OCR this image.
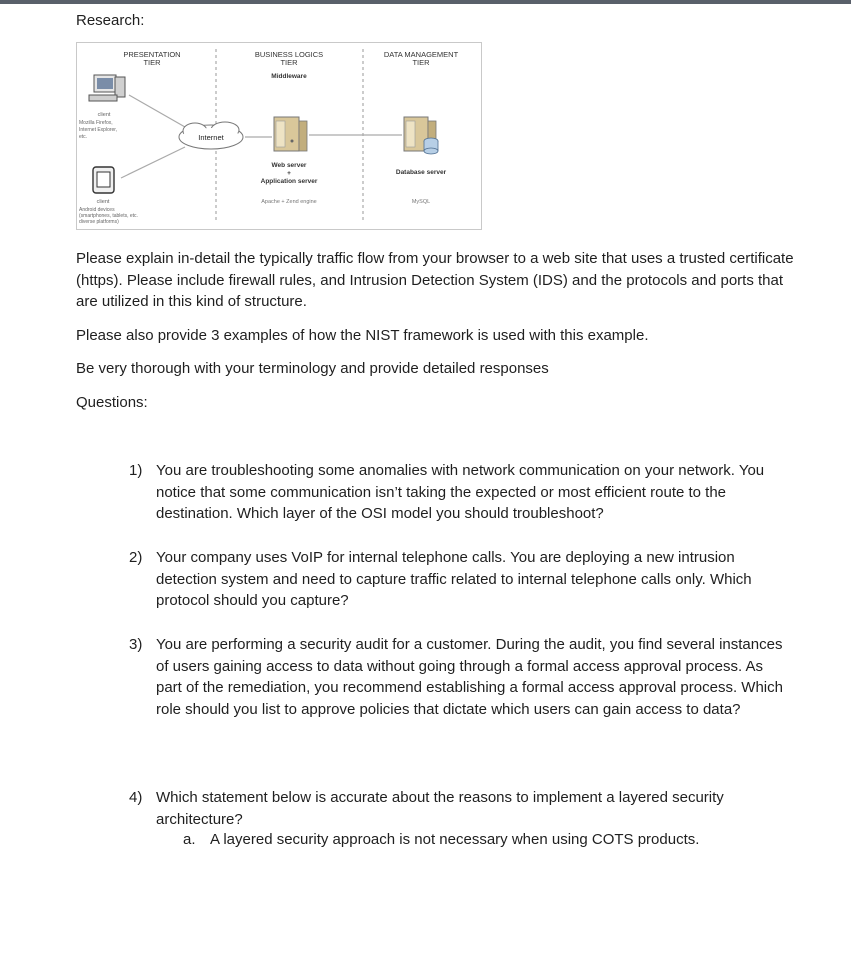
Research:
PRESENTATION
TIER
BUSINESS LOGICS
TIER
Middleware
DATA MANAGEMENT
TIER
client
Mozilla Firefox,
Internet Explorer,
etc.	Internet
client
Android devices
(smartphones, tablets, etc.
diverse platforms)
Web server
+
Application server
Apache + Zend engine
Database server
MySQL
Please explain in-detail the typically traffic flow from your browser to a web site that uses a trusted certificate (https). Please include firewall rules, and Intrusion Detection System (IDS) and the protocols and ports that are utilized in this kind of structure.
Please also provide 3 examples of how the NIST framework is used with this example.
Be very thorough with your terminology and provide detailed responses
Questions:
1) You are troubleshooting some anomalies with network communication on your network. You notice that some communication isn’t taking the expected or most efficient route to the destination. Which layer of the OSI model you should troubleshoot?
2) Your company uses VoIP for internal telephone calls. You are deploying a new intrusion detection system and need to capture traffic related to internal telephone calls only. Which protocol should you capture?
3) You are performing a security audit for a customer. During the audit, you find several instances of users gaining access to data without going through a formal access approval process. As part of the remediation, you recommend establishing a formal access approval process. Which role should you list to approve policies that dictate which users can gain access to data?
4) Which statement below is accurate about the reasons to implement a layered security architecture?
a. A layered security approach is not necessary when using COTS products.
